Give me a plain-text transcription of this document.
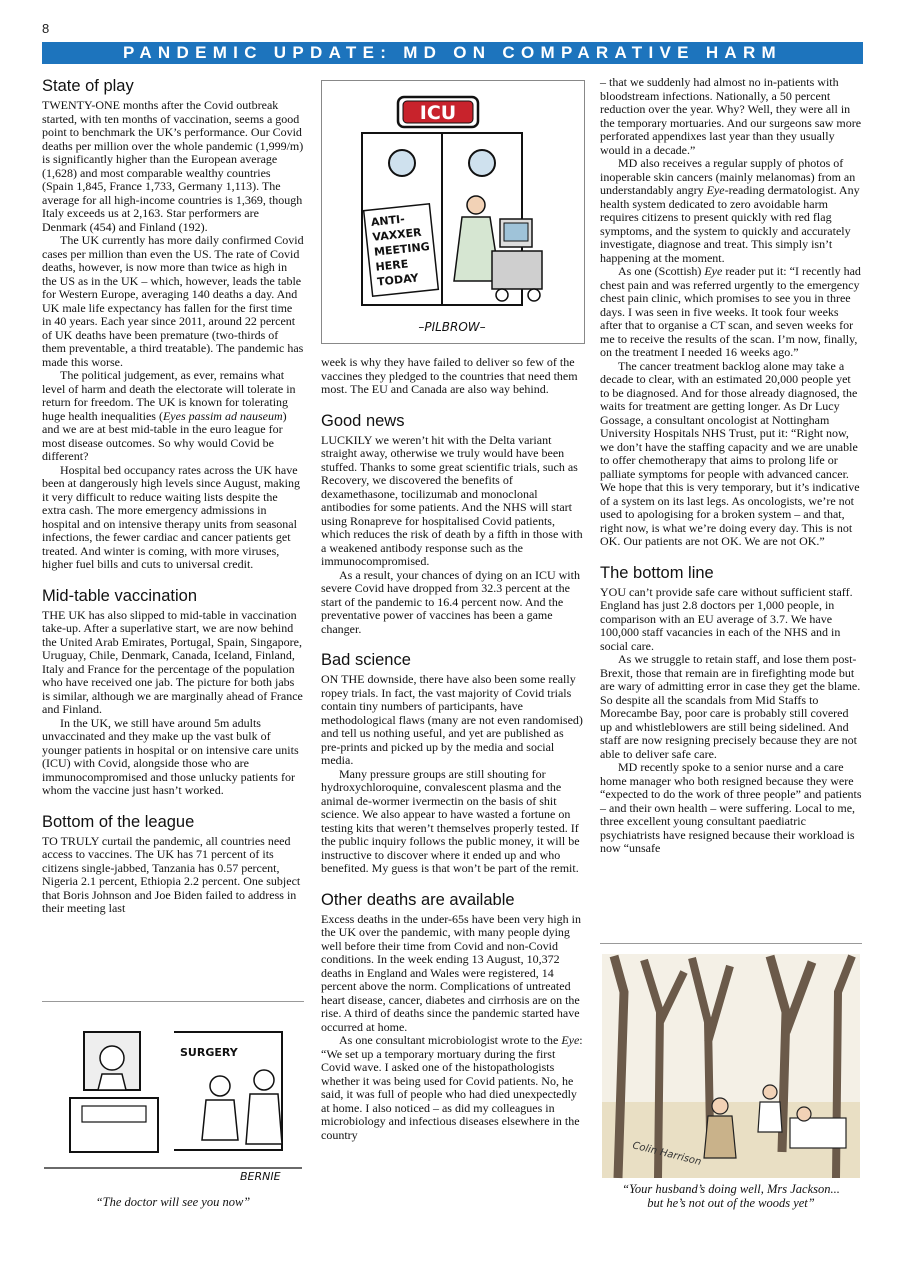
8
PANDEMIC UPDATE: MD ON COMPARATIVE HARM
State of play

TWENTY-ONE months after the Covid outbreak started, with ten months of vaccination, seems a good point to benchmark the UK’s performance. Our Covid deaths per million over the whole pandemic (1,999/m) is significantly higher than the European average (1,628) and most comparable wealthy countries (Spain 1,845, France 1,733, Germany 1,113). The average for all high-income countries is 1,369, though Italy exceeds us at 2,163. Star performers are Denmark (454) and Finland (192).

The UK currently has more daily confirmed Covid cases per million than even the US. The rate of Covid deaths, however, is now more than twice as high in the US as in the UK – which, however, leads the table for Western Europe, averaging 140 deaths a day. And UK male life expectancy has fallen for the first time in 40 years. Each year since 2011, around 22 percent of UK deaths have been premature (two-thirds of them preventable, a third treatable). The pandemic has made this worse.

The political judgement, as ever, remains what level of harm and death the electorate will tolerate in return for freedom. The UK is known for tolerating huge health inequalities (Eyes passim ad nauseum) and we are at best mid-table in the euro league for most disease outcomes. So why would Covid be different?

Hospital bed occupancy rates across the UK have been at dangerously high levels since August, making it very difficult to reduce waiting lists despite the extra cash. The more emergency admissions in hospital and on intensive therapy units from seasonal infections, the fewer cardiac and cancer patients get treated. And winter is coming, with more viruses, higher fuel bills and cuts to universal credit.

Mid-table vaccination

THE UK has also slipped to mid-table in vaccination take-up. After a superlative start, we are now behind the United Arab Emirates, Portugal, Spain, Singapore, Uruguay, Chile, Denmark, Canada, Iceland, Finland, Italy and France for the percentage of the population who have received one jab. The picture for both jabs is similar, although we are marginally ahead of France and Finland.

In the UK, we still have around 5m adults unvaccinated and they make up the vast bulk of younger patients in hospital or on intensive care units (ICU) with Covid, alongside those who are immunocompromised and those unlucky patients for whom the vaccine just hasn’t worked.

Bottom of the league

TO TRULY curtail the pandemic, all countries need access to vaccines. The UK has 71 percent of its citizens single-jabbed, Tanzania has 0.57 percent, Nigeria 2.1 percent, Ethiopia 2.2 percent. One subject that Boris Johnson and Joe Biden failed to address in their meeting last

week is why they have failed to deliver so few of the vaccines they pledged to the countries that need them most. The EU and Canada are also way behind.

Good news

LUCKILY we weren’t hit with the Delta variant straight away, otherwise we truly would have been stuffed. Thanks to some great scientific trials, such as Recovery, we discovered the benefits of dexamethasone, tocilizumab and monoclonal antibodies for some patients. And the NHS will start using Ronapreve for hospitalised Covid patients, which reduces the risk of death by a fifth in those with a weakened antibody response such as the immunocompromised.

As a result, your chances of dying on an ICU with severe Covid have dropped from 32.3 percent at the start of the pandemic to 16.4 percent now. And the preventative power of vaccines has been a game changer.

Bad science

ON THE downside, there have also been some really ropey trials. In fact, the vast majority of Covid trials contain tiny numbers of participants, have methodological flaws (many are not even randomised) and tell us nothing useful, and yet are published as pre-prints and picked up by the media and social media.

Many pressure groups are still shouting for hydroxychloroquine, convalescent plasma and the animal de-wormer ivermectin on the basis of shit science. We also appear to have wasted a fortune on testing kits that weren’t themselves properly tested. If the public inquiry follows the public money, it will be instructive to discover where it ended up and who benefited. My guess is that won’t be part of the remit.

Other deaths are available

Excess deaths in the under-65s have been very high in the UK over the pandemic, with many people dying well before their time from Covid and non-Covid conditions. In the week ending 13 August, 10,372 deaths in England and Wales were registered, 14 percent above the norm. Complications of untreated heart disease, cancer, diabetes and cirrhosis are on the rise. A third of deaths since the pandemic started have occurred at home.

As one consultant microbiologist wrote to the Eye: “We set up a temporary mortuary during the first Covid wave. I asked one of the histopathologists whether it was being used for Covid patients. No, he said, it was full of people who had died unexpectedly at home. I also noticed – as did my colleagues in microbiology and infectious diseases elsewhere in the country

– that we suddenly had almost no in-patients with bloodstream infections. Nationally, a 50 percent reduction over the year. Why? Well, they were all in the temporary mortuaries. And our surgeons saw more perforated appendixes last year than they usually would in a decade.”

MD also receives a regular supply of photos of inoperable skin cancers (mainly melanomas) from an understandably angry Eye-reading dermatologist. Any health system dedicated to zero avoidable harm requires citizens to present quickly with red flag symptoms, and the system to quickly and accurately investigate, diagnose and treat. This simply isn’t happening at the moment.

As one (Scottish) Eye reader put it: “I recently had chest pain and was referred urgently to the emergency chest pain clinic, which promises to see you in three days. I was seen in five weeks. It took four weeks after that to organise a CT scan, and seven weeks for me to receive the results of the scan. I’m now, finally, on the treatment I needed 16 weeks ago.”

The cancer treatment backlog alone may take a decade to clear, with an estimated 20,000 people yet to be diagnosed. And for those already diagnosed, the waits for treatment are getting longer. As Dr Lucy Gossage, a consultant oncologist at Nottingham University Hospitals NHS Trust, put it: “Right now, we don’t have the staffing capacity and we are unable to offer chemotherapy that aims to prolong life or palliate symptoms for people with advanced cancer. We hope that this is very temporary, but it’s indicative of a system on its last legs. As oncologists, we’re not used to apologising for a broken system – and that, right now, is what we’re doing every day. This is not OK. Our patients are not OK. We are not OK.”

The bottom line

YOU can’t provide safe care without sufficient staff. England has just 2.8 doctors per 1,000 people, in comparison with an EU average of 3.7. We have 100,000 staff vacancies in each of the NHS and in social care.

As we struggle to retain staff, and lose them post-Brexit, those that remain are in firefighting mode but are wary of admitting error in case they get the blame. So despite all the scandals from Mid Staffs to Morecambe Bay, poor care is probably still covered up and whistleblowers are still being sidelined. And staff are now resigning precisely because they are not able to deliver safe care.

MD recently spoke to a senior nurse and a care home manager who both resigned because they were “expected to do the work of three people” and patients – and their own health – were suffering. Local to me, three excellent young consultant paediatric psychiatrists have resigned because their workload is now “unsafe

ICU
ANTI- VAXXER MEETING HERE TODAY
–PILBROW–
SURGERY
BERNIE
“The doctor will see you now”
Colin Harrison
“Your husband’s doing well, Mrs Jackson...
but he’s not out of the woods yet”
